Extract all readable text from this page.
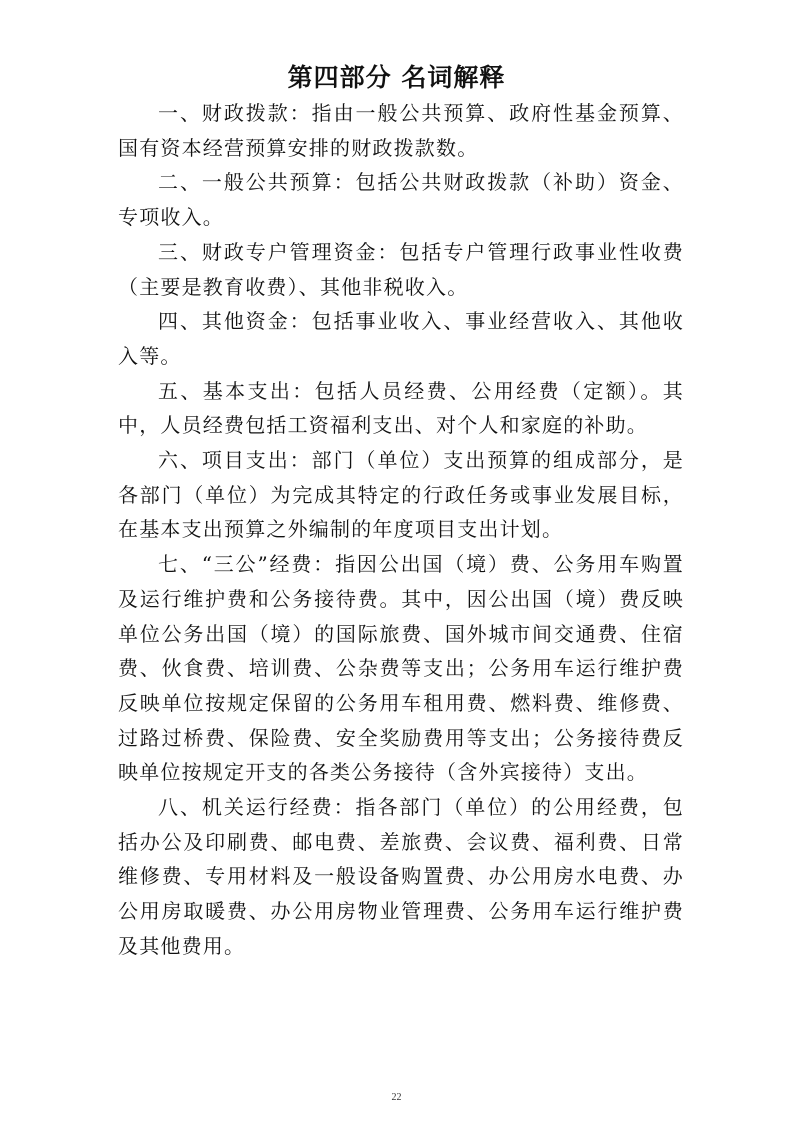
第四部分 名词解释

一、财政拨款：指由一般公共预算、政府性基金预算、国有资本经营预算安排的财政拨款数。

二、一般公共预算：包括公共财政拨款（补助）资金、专项收入。

三、财政专户管理资金：包括专户管理行政事业性收费（主要是教育收费）、其他非税收入。

四、其他资金：包括事业收入、事业经营收入、其他收入等。

五、基本支出：包括人员经费、公用经费（定额）。其中，人员经费包括工资福利支出、对个人和家庭的补助。

六、项目支出：部门（单位）支出预算的组成部分，是各部门（单位）为完成其特定的行政任务或事业发展目标，在基本支出预算之外编制的年度项目支出计划。

七、“三公”经费：指因公出国（境）费、公务用车购置及运行维护费和公务接待费。其中，因公出国（境）费反映单位公务出国（境）的国际旅费、国外城市间交通费、住宿费、伙食费、培训费、公杂费等支出；公务用车运行维护费反映单位按规定保留的公务用车租用费、燃料费、维修费、过路过桥费、保险费、安全奖励费用等支出；公务接待费反映单位按规定开支的各类公务接待（含外宾接待）支出。

八、机关运行经费：指各部门（单位）的公用经费，包括办公及印刷费、邮电费、差旅费、会议费、福利费、日常维修费、专用材料及一般设备购置费、办公用房水电费、办公用房取暖费、办公用房物业管理费、公务用车运行维护费及其他费用。

22
